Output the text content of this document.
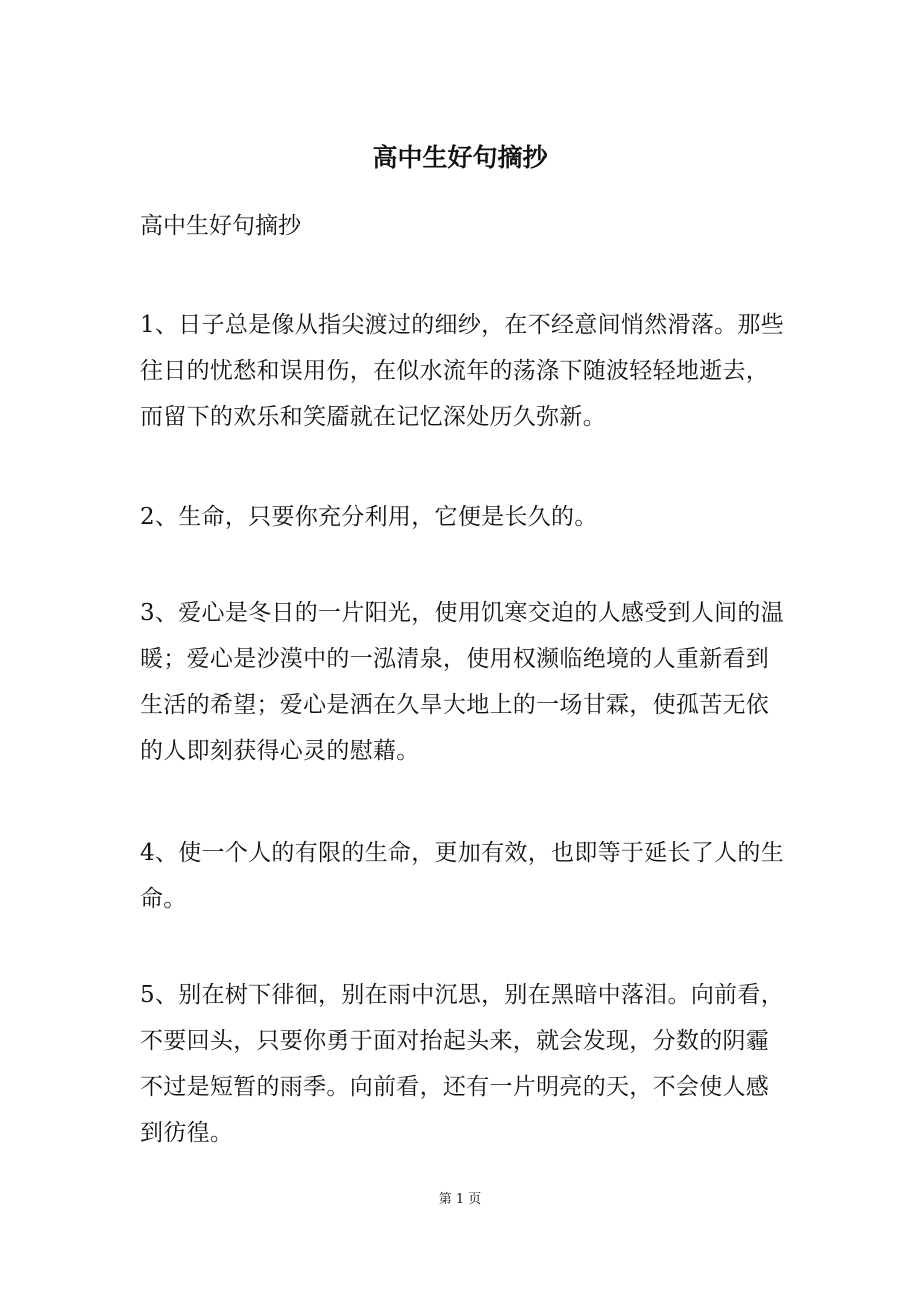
高中生好句摘抄

高中生好句摘抄

1、日子总是像从指尖渡过的细纱，在不经意间悄然滑落。那些往日的忧愁和误用伤，在似水流年的荡涤下随波轻轻地逝去，而留下的欢乐和笑靥就在记忆深处历久弥新。

2、生命，只要你充分利用，它便是长久的。

3、爱心是冬日的一片阳光，使用饥寒交迫的人感受到人间的温暖；爱心是沙漠中的一泓清泉，使用权濒临绝境的人重新看到生活的希望；爱心是洒在久旱大地上的一场甘霖，使孤苦无依的人即刻获得心灵的慰藉。

4、使一个人的有限的生命，更加有效，也即等于延长了人的生命。

5、别在树下徘徊，别在雨中沉思，别在黑暗中落泪。向前看，不要回头，只要你勇于面对抬起头来，就会发现，分数的阴霾不过是短暂的雨季。向前看，还有一片明亮的天，不会使人感到彷徨。

第 1 页
